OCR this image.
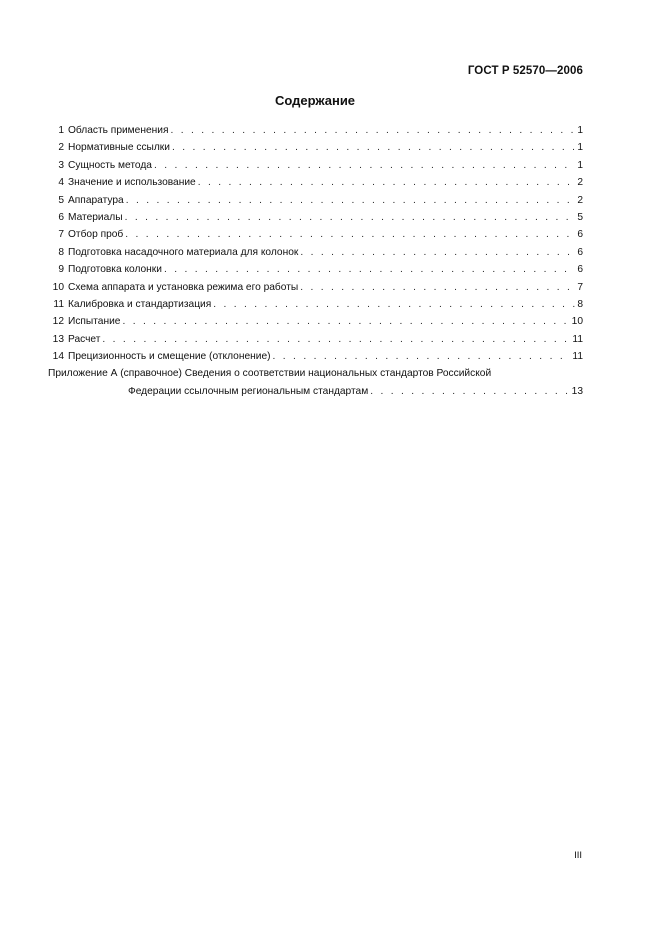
ГОСТ Р 52570—2006
Содержание
1 Область применения . . .	1
2 Нормативные ссылки . . .	1
3 Сущность метода . . .	1
4 Значение и использование . . .	2
5 Аппаратура . . .	2
6 Материалы . . .	5
7 Отбор проб . . .	6
8 Подготовка насадочного материала для колонок . . .	6
9 Подготовка колонки . . .	6
10 Схема аппарата и установка режима его работы . . .	7
11 Калибровка и стандартизация . . .	8
12 Испытание . . .	10
13 Расчет . . .	11
14 Прецизионность и смещение (отклонение) . . .	11
Приложение А (справочное) Сведения о соответствии национальных стандартов Российской
Федерации ссылочным региональным стандартам . . .	13
III
